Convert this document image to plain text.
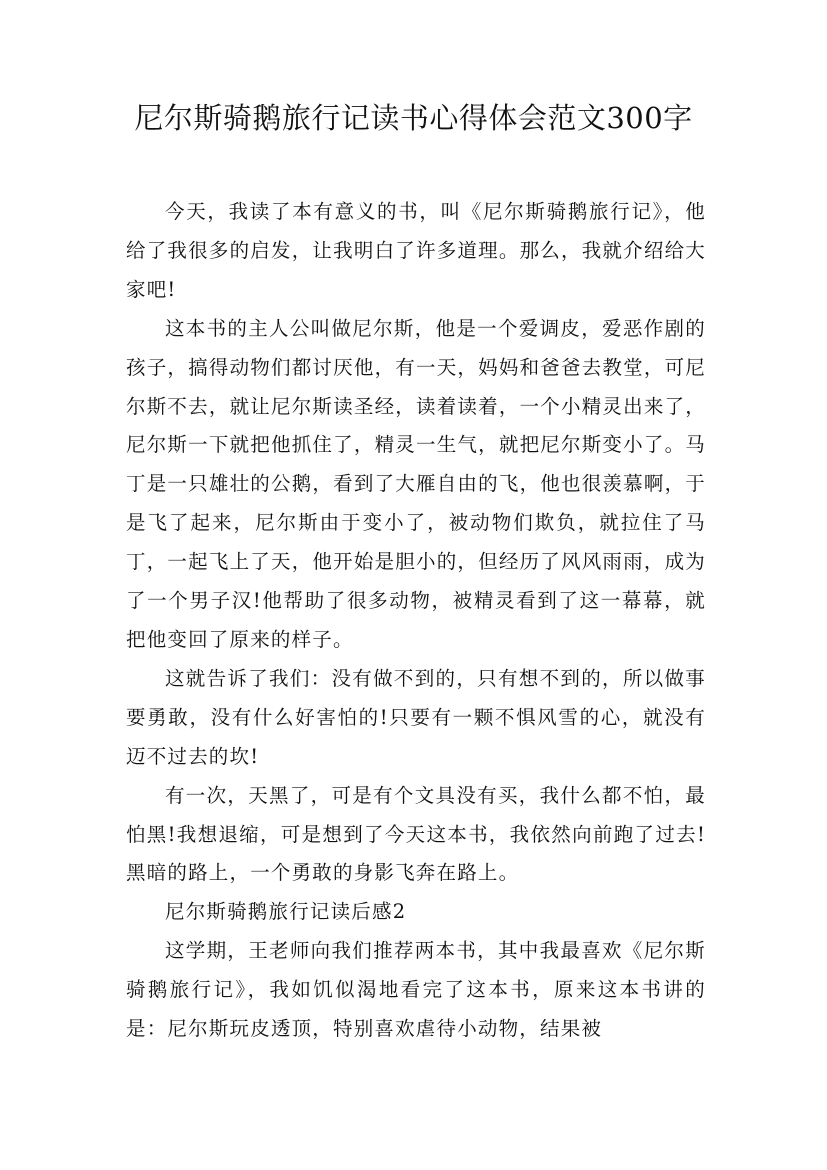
尼尔斯骑鹅旅行记读书心得体会范文300字

今天，我读了本有意义的书，叫《尼尔斯骑鹅旅行记》，他给了我很多的启发，让我明白了许多道理。那么，我就介绍给大家吧!

这本书的主人公叫做尼尔斯，他是一个爱调皮，爱恶作剧的孩子，搞得动物们都讨厌他，有一天，妈妈和爸爸去教堂，可尼尔斯不去，就让尼尔斯读圣经，读着读着，一个小精灵出来了，尼尔斯一下就把他抓住了，精灵一生气，就把尼尔斯变小了。马丁是一只雄壮的公鹅，看到了大雁自由的飞，他也很羡慕啊，于是飞了起来，尼尔斯由于变小了，被动物们欺负，就拉住了马丁，一起飞上了天，他开始是胆小的，但经历了风风雨雨，成为了一个男子汉!他帮助了很多动物，被精灵看到了这一幕幕，就把他变回了原来的样子。

这就告诉了我们：没有做不到的，只有想不到的，所以做事要勇敢，没有什么好害怕的!只要有一颗不惧风雪的心，就没有迈不过去的坎!

有一次，天黑了，可是有个文具没有买，我什么都不怕，最怕黑!我想退缩，可是想到了今天这本书，我依然向前跑了过去!黑暗的路上，一个勇敢的身影飞奔在路上。

尼尔斯骑鹅旅行记读后感2

这学期，王老师向我们推荐两本书，其中我最喜欢《尼尔斯骑鹅旅行记》，我如饥似渴地看完了这本书，原来这本书讲的是：尼尔斯玩皮透顶，特别喜欢虐待小动物，结果被
